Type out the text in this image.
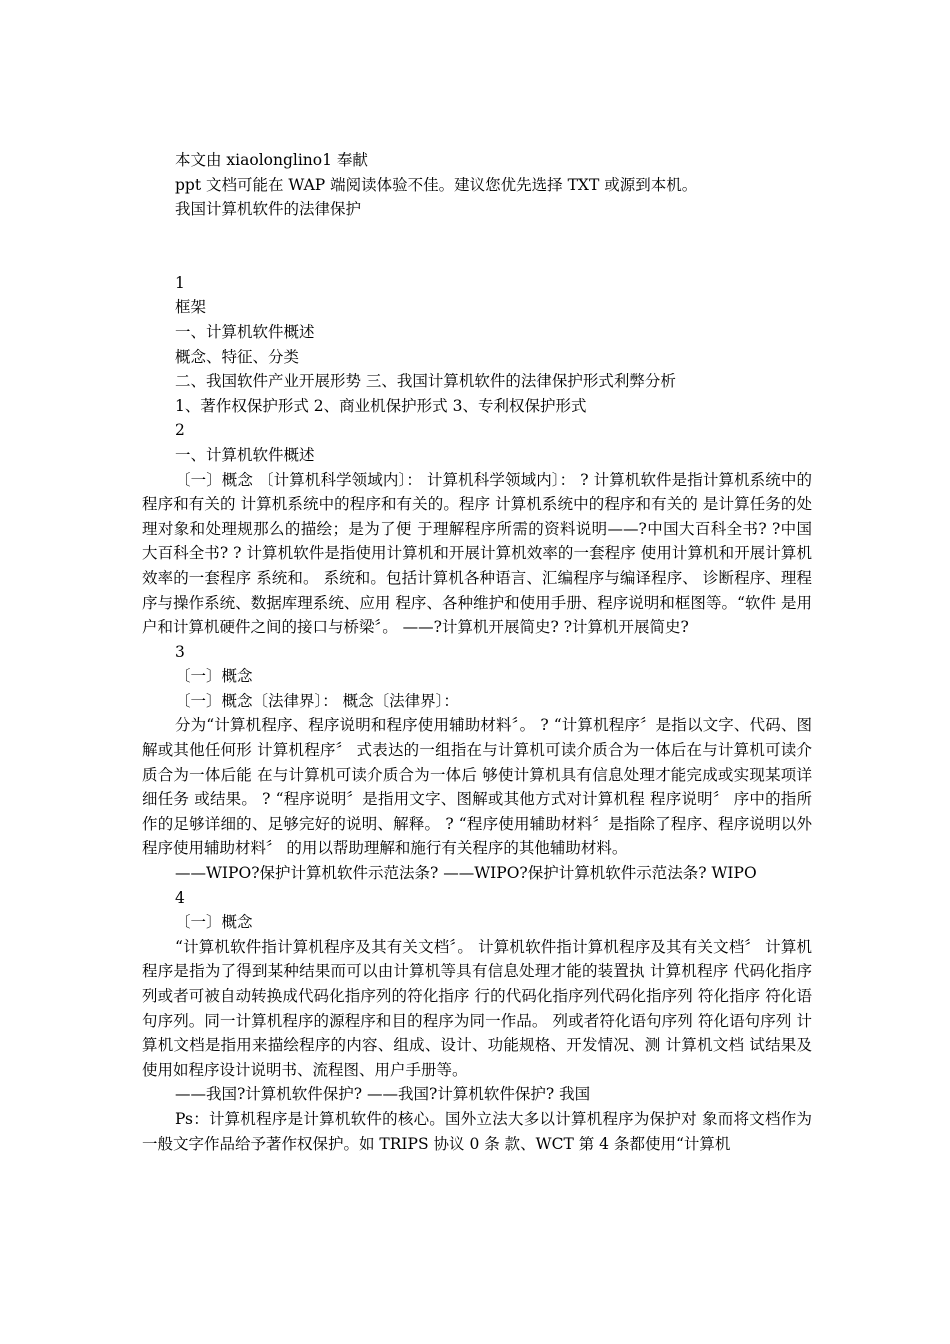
本文由 xiaolonglino1 奉献
ppt 文档可能在 WAP 端阅读体验不佳。建议您优先选择 TXT 或源到本机。
我国计算机软件的法律保护
1
框架
一、计算机软件概述
概念、特征、分类
二、我国软件产业开展形势 三、我国计算机软件的法律保护形式利弊分析
1、著作权保护形式 2、商业机保护形式 3、专利权保护形式
2
一、计算机软件概述
〔一〕概念 〔计算机科学领域内〕： 计算机科学领域内〕： ? 计算机软件是指计算机系统中的程序和有关的 计算机系统中的程序和有关的。程序 计算机系统中的程序和有关的 是计算任务的处理对象和处理规那么的描绘；是为了便 于理解程序所需的资料说明——?中国大百科全书? ?中国大百科全书? ? 计算机软件是指使用计算机和开展计算机效率的一套程序 使用计算机和开展计算机效率的一套程序 系统和。 系统和。包括计算机各种语言、汇编程序与编译程序、 诊断程序、理程序与操作系统、数据库理系统、应用 程序、各种维护和使用手册、程序说明和框图等。“软件 是用户和计算机硬件之间的接口与桥梁〞。 ——?计算机开展简史? ?计算机开展简史?
3
〔一〕概念
〔一〕概念〔法律界〕： 概念〔法律界〕：
分为“计算机程序、程序说明和程序使用辅助材料〞。 ? “计算机程序〞是指以文字、代码、图解或其他任何形 计算机程序〞 式表达的一组指在与计算机可读介质合为一体后在与计算机可读介质合为一体后能 在与计算机可读介质合为一体后 够使计算机具有信息处理才能完成或实现某项详细任务 或结果。 ? “程序说明〞是指用文字、图解或其他方式对计算机程 程序说明〞 序中的指所作的足够详细的、足够完好的说明、解释。 ? “程序使用辅助材料〞是指除了程序、程序说明以外 程序使用辅助材料〞 的用以帮助理解和施行有关程序的其他辅助材料。
——WIPO?保护计算机软件示范法条? ——WIPO?保护计算机软件示范法条? WIPO
4
〔一〕概念
“计算机软件指计算机程序及其有关文档〞。 计算机软件指计算机程序及其有关文档〞 计算机程序是指为了得到某种结果而可以由计算机等具有信息处理才能的装置执 计算机程序 代码化指序列或者可被自动转换成代码化指序列的符化指序 行的代码化指序列代码化指序列 符化指序 符化语句序列。同一计算机程序的源程序和目的程序为同一作品。 列或者符化语句序列 符化语句序列 计算机文档是指用来描绘程序的内容、组成、设计、功能规格、开发情况、测 计算机文档 试结果及使用如程序设计说明书、流程图、用户手册等。
——我国?计算机软件保护? ——我国?计算机软件保护? 我国
Ps：计算机程序是计算机软件的核心。国外立法大多以计算机程序为保护对 象而将文档作为一般文字作品给予著作权保护。如 TRIPS 协议 0 条 款、WCT 第 4 条都使用“计算机
